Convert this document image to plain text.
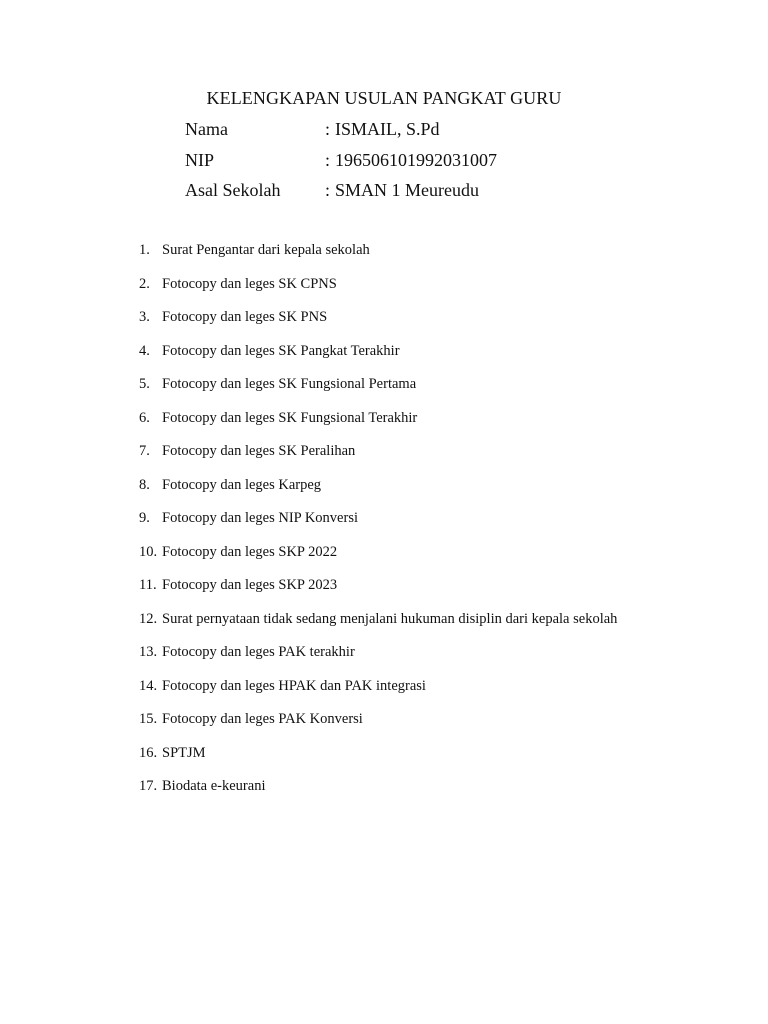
KELENGKAPAN USULAN PANGKAT GURU
Nama	: ISMAIL, S.Pd
NIP	: 196506101992031007
Asal Sekolah	: SMAN 1 Meureudu
1. Surat Pengantar dari kepala sekolah
2. Fotocopy dan leges SK CPNS
3. Fotocopy dan leges SK PNS
4. Fotocopy dan leges SK Pangkat Terakhir
5. Fotocopy dan leges SK Fungsional Pertama
6. Fotocopy dan leges SK Fungsional Terakhir
7. Fotocopy dan leges SK Peralihan
8. Fotocopy dan leges Karpeg
9. Fotocopy dan leges NIP Konversi
10. Fotocopy dan leges SKP 2022
11. Fotocopy dan leges SKP 2023
12. Surat pernyataan tidak sedang menjalani hukuman disiplin dari kepala sekolah
13. Fotocopy dan leges PAK terakhir
14. Fotocopy dan leges HPAK dan PAK integrasi
15. Fotocopy dan leges PAK Konversi
16. SPTJM
17. Biodata e-keurani
